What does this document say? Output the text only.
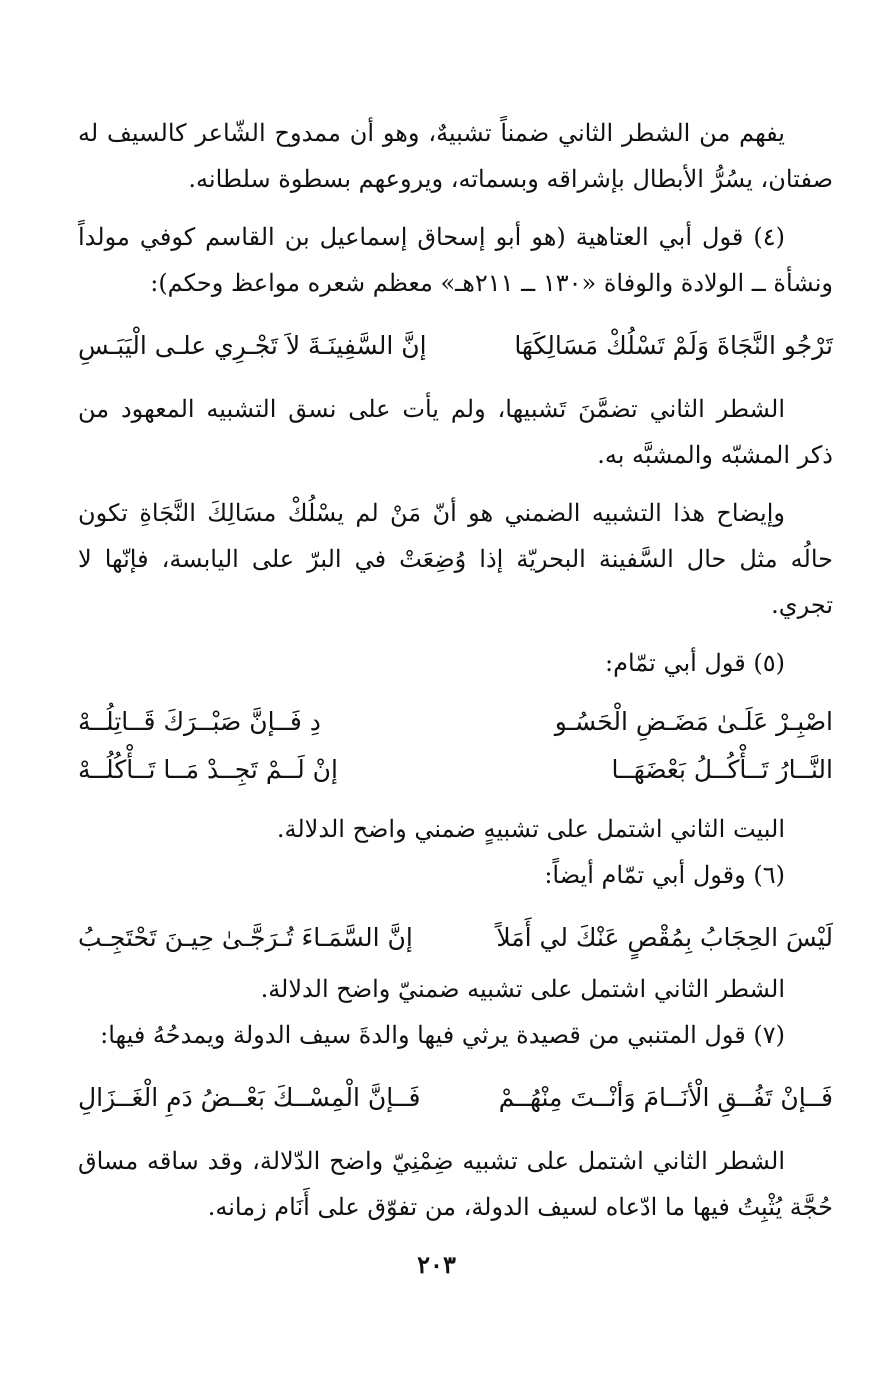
يفهم من الشطر الثاني ضمناً تشبيهٌ، وهو أن ممدوح الشّاعر كالسيف له صفتان، يسُرُّ الأبطال بإشراقه وبسماته، ويروعهم بسطوة سلطانه.

(٤) قول أبي العتاهية (هو أبو إسحاق إسماعيل بن القاسم كوفي مولداً ونشأة ــ الولادة والوفاة «١٣٠ ــ ٢١١هـ» معظم شعره مواعظ وحكم):

تَرْجُو النَّجَاةَ وَلَمْ تَسْلُكْ مَسَالِكَهَا
إنَّ السَّفِينَـةَ لاَ تَجْـرِي علـى الْيَبَـسِ

الشطر الثاني تضمَّنَ تَشبيها، ولم يأت على نسق التشبيه المعهود من ذكر المشبّه والمشبَّه به.

وإيضاح هذا التشبيه الضمني هو أنّ مَنْ لم يسْلُكْ مسَالِكَ النَّجَاةِ تكون حالُه مثل حال السَّفينة البحريّة إذا وُضِعَتْ في البرّ على اليابسة، فإنّها لا تجري.

(٥) قول أبي تمّام:

اصْبِـرْ عَلَـىٰ مَضَـضِ الْحَسُـو
دِ فَــإنَّ صَبْــرَكَ قَــاتِلُــهْ
النَّــارُ تَــأْكُــلُ بَعْضَهَــا
إنْ لَــمْ تَجِــدْ مَــا تَــأْكُلُــهْ

البيت الثاني اشتمل على تشبيهٍ ضمني واضح الدلالة.

(٦) وقول أبي تمّام أيضاً:

لَيْسَ الحِجَابُ بِمُقْصٍ عَنْكَ لي أَمَلاً
إنَّ السَّمَـاءَ تُـرَجَّـىٰ حِيـنَ تَحْتَجِـبُ

الشطر الثاني اشتمل على تشبيه ضمنيّ واضح الدلالة.

(٧) قول المتنبي من قصيدة يرثي فيها والدةَ سيف الدولة ويمدحُهُ فيها:

فَــإنْ تَفُــقِ الْأنَــامَ وَأنْــتَ مِنْهُــمْ
فَــإنَّ الْمِسْــكَ بَعْــضُ دَمِ الْغَــزَالِ

الشطر الثاني اشتمل على تشبيه ضِمْنِيّ واضح الدّلالة، وقد ساقه مساق حُجَّة يُثْبِتُ فيها ما ادّعاه لسيف الدولة، من تفوّق على أَنَام زمانه.

٢٠٣
